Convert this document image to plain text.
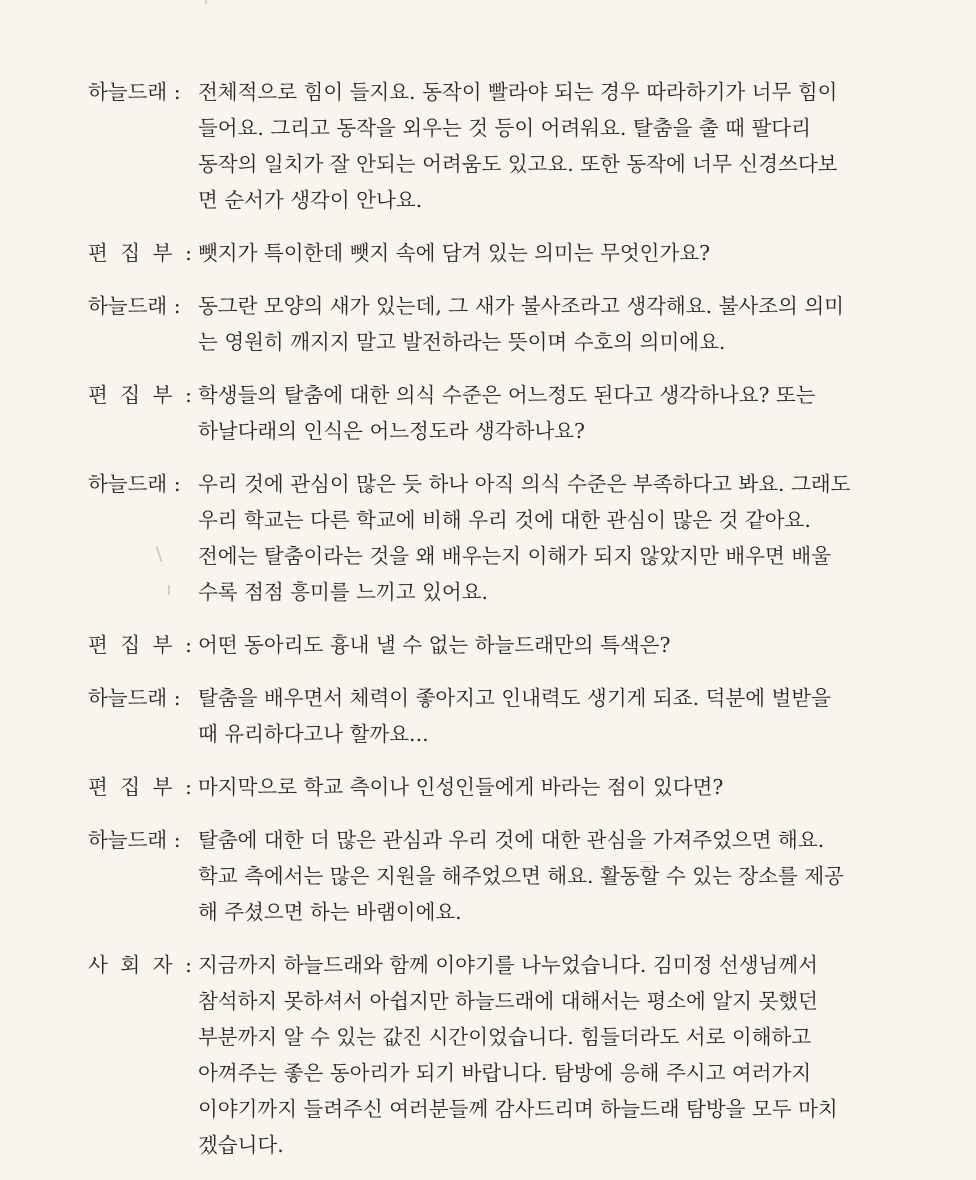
하늘드래 : 전체적으로 힘이 들지요. 동작이 빨라야 되는 경우 따라하기가 너무 힘이
들어요. 그리고 동작을 외우는 것 등이 어려워요. 탈춤을 출 때 팔다리
동작의 일치가 잘 안되는 어려움도 있고요. 또한 동작에 너무 신경쓰다보
면 순서가 생각이 안나요.
편 집 부 : 뺏지가 특이한데 뺏지 속에 담겨 있는 의미는 무엇인가요?
하늘드래 : 동그란 모양의 새가 있는데, 그 새가 불사조라고 생각해요. 불사조의 의미
는 영원히 깨지지 말고 발전하라는 뜻이며 수호의 의미에요.
편 집 부 : 학생들의 탈춤에 대한 의식 수준은 어느정도 된다고 생각하나요? 또는
하날다래의 인식은 어느정도라 생각하나요?
하늘드래 : 우리 것에 관심이 많은 듯 하나 아직 의식 수준은 부족하다고 봐요. 그래도
우리 학교는 다른 학교에 비해 우리 것에 대한 관심이 많은 것 같아요.
전에는 탈춤이라는 것을 왜 배우는지 이해가 되지 않았지만 배우면 배울
수록 점점 흥미를 느끼고 있어요.
편 집 부 : 어떤 동아리도 흉내 낼 수 없는 하늘드래만의 특색은?
하늘드래 : 탈춤을 배우면서 체력이 좋아지고 인내력도 생기게 되죠. 덕분에 벌받을
때 유리하다고나 할까요...
편 집 부 : 마지막으로 학교 측이나 인성인들에게 바라는 점이 있다면?
하늘드래 : 탈춤에 대한 더 많은 관심과 우리 것에 대한 관심을 가져주었으면 해요.
학교 측에서는 많은 지원을 해주었으면 해요. 활동할 수 있는 장소를 제공
해 주셨으면 하는 바램이에요.
사 회 자 : 지금까지 하늘드래와 함께 이야기를 나누었습니다. 김미정 선생님께서
참석하지 못하셔서 아쉽지만 하늘드래에 대해서는 평소에 알지 못했던
부분까지 알 수 있는 값진 시간이었습니다. 힘들더라도 서로 이해하고
아껴주는 좋은 동아리가 되기 바랍니다. 탐방에 응해 주시고 여러가지
이야기까지 들려주신 여러분들께 감사드리며 하늘드래 탐방을 모두 마치
겠습니다.
